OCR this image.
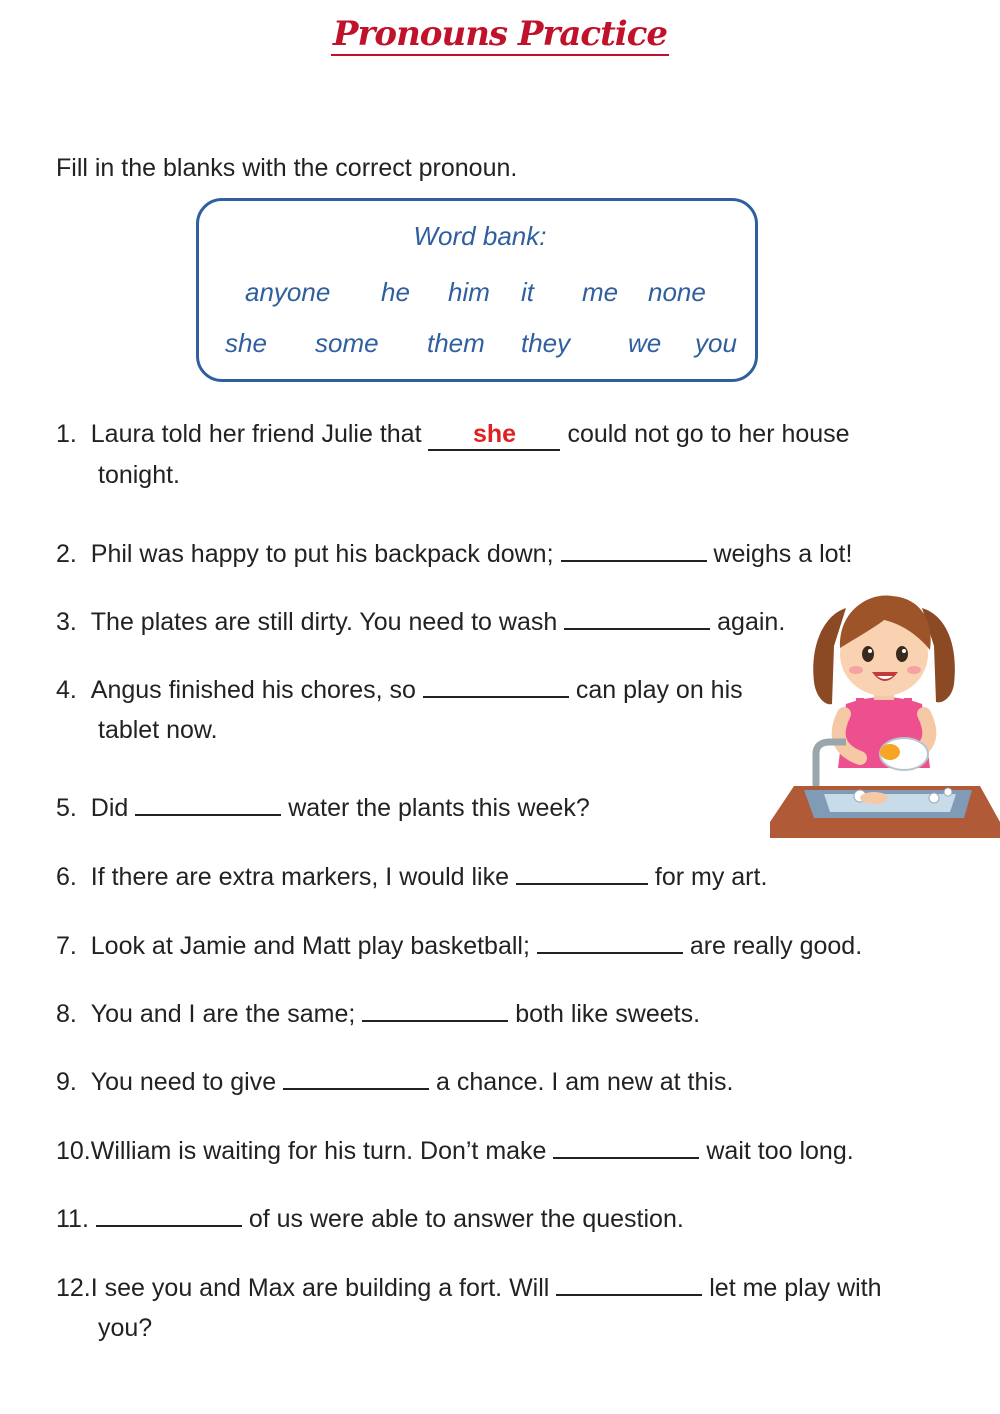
Pronouns Practice
Fill in the blanks with the correct pronoun.
Word bank:
anyone he him it me none
she some them they we you
1. Laura told her friend Julie that she could not go to her house
tonight.
2. Phil was happy to put his backpack down;	weighs a lot!
3. The plates are still dirty. You need to wash	again.
4. Angus finished his chores, so	can play on his
tablet now.
5. Did	water the plants this week?
6. If there are extra markers, I would like	for my art.
7. Look at Jamie and Matt play basketball;	are really good.
8. You and I are the same;	both like sweets.
9. You need to give	a chance. I am new at this.
10.William is waiting for his turn. Don’t make	wait too long.
11.	of us were able to answer the question.
12.I see you and Max are building a fort. Will	let me play with
you?
